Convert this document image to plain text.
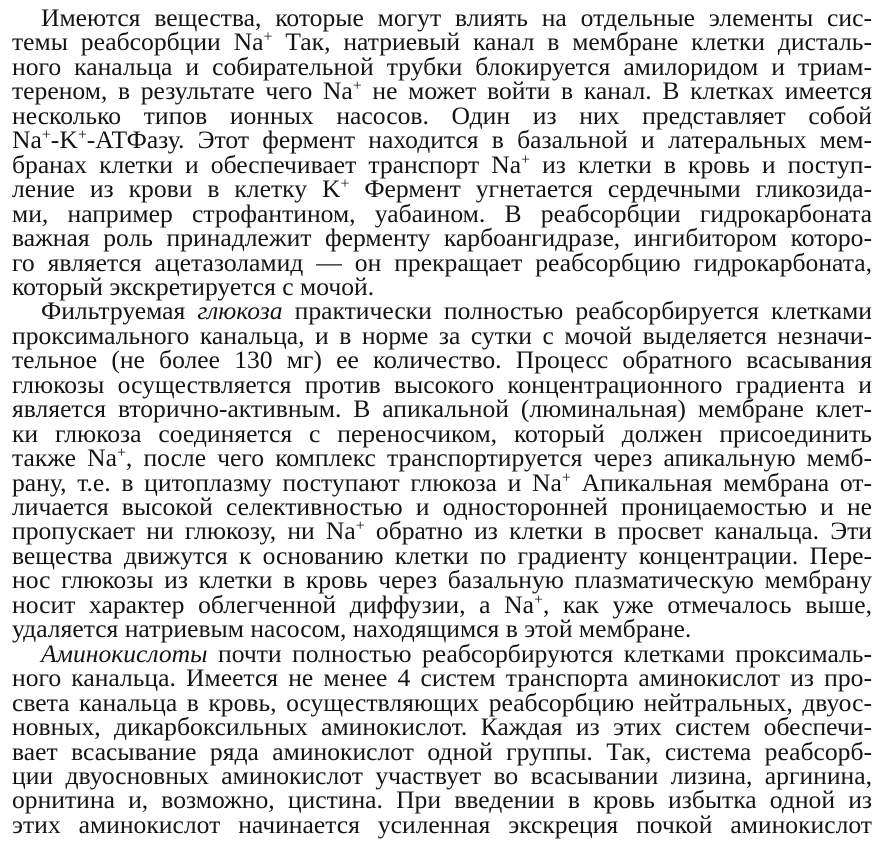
Имеются вещества, которые могут влиять на отдельные элементы сис-
темы реабсорбции Na+ Так, натриевый канал в мембране клетки дисталь-
ного канальца и собирательной трубки блокируется амилоридом и триам-
тереном, в результате чего Na+ не может войти в канал. В клетках имеется
несколько типов ионных насосов. Один из них представляет собой
Na+-K+-АТФазу. Этот фермент находится в базальной и латеральных мем-
бранах клетки и обеспечивает транспорт Na+ из клетки в кровь и поступ-
ление из крови в клетку K+ Фермент угнетается сердечными гликозида-
ми, например строфантином, уабаином. В реабсорбции гидрокарбоната
важная роль принадлежит ферменту карбоангидразе, ингибитором которо-
го является ацетазоламид — он прекращает реабсорбцию гидрокарбоната,
который экскретируется с мочой.
Фильтруемая глюкоза практически полностью реабсорбируется клетками
проксимального канальца, и в норме за сутки с мочой выделяется незначи-
тельное (не более 130 мг) ее количество. Процесс обратного всасывания
глюкозы осуществляется против высокого концентрационного градиента и
является вторично-активным. В апикальной (люминальная) мембране клет-
ки глюкоза соединяется с переносчиком, который должен присоединить
также Na+, после чего комплекс транспортируется через апикальную мемб-
рану, т.е. в цитоплазму поступают глюкоза и Na+ Апикальная мембрана от-
личается высокой селективностью и односторонней проницаемостью и не
пропускает ни глюкозу, ни Na+ обратно из клетки в просвет канальца. Эти
вещества движутся к основанию клетки по градиенту концентрации. Пере-
нос глюкозы из клетки в кровь через базальную плазматическую мембрану
носит характер облегченной диффузии, а Na+, как уже отмечалось выше,
удаляется натриевым насосом, находящимся в этой мембране.
Аминокислоты почти полностью реабсорбируются клетками проксималь-
ного канальца. Имеется не менее 4 систем транспорта аминокислот из про-
света канальца в кровь, осуществляющих реабсорбцию нейтральных, двуос-
новных, дикарбоксильных аминокислот. Каждая из этих систем обеспечи-
вает всасывание ряда аминокислот одной группы. Так, система реабсорб-
ции двуосновных аминокислот участвует во всасывании лизина, аргинина,
орнитина и, возможно, цистина. При введении в кровь избытка одной из
этих аминокислот начинается усиленная экскреция почкой аминокислот
